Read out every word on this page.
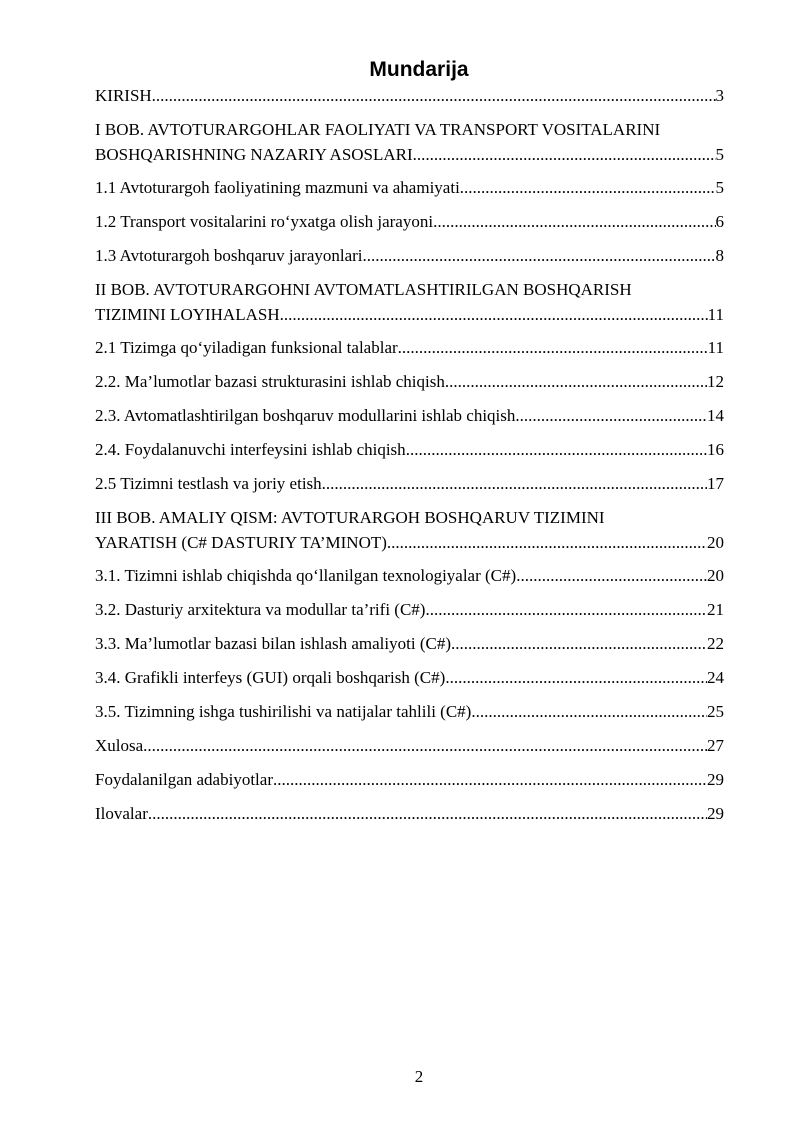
Mundarija
KIRISH .....	3
I BOB. AVTOTURARGOHLAR FAOLIYATI VA TRANSPORT VOSITALARINI
BOSHQARISHNING NAZARIY ASOSLARI .....	5
1.1 Avtoturargoh faoliyatining mazmuni va ahamiyati .....	5
1.2 Transport vositalarini ro‘yxatga olish jarayoni .....	6
1.3 Avtoturargoh boshqaruv jarayonlari .....	8
II BOB. AVTOTURARGOHNI AVTOMATLASHTIRILGAN BOSHQARISH
TIZIMINI LOYIHALASH .....	11
2.1 Tizimga qo‘yiladigan funksional talablar .....	11
2.2. Ma’lumotlar bazasi strukturasini ishlab chiqish .....	12
2.3. Avtomatlashtirilgan boshqaruv modullarini ishlab chiqish .....	14
2.4. Foydalanuvchi interfeysini ishlab chiqish .....	16
2.5 Tizimni testlash va joriy etish .....	17
III BOB. AMALIY QISM: AVTOTURARGOH BOSHQARUV TIZIMINI
YARATISH (C# DASTURIY TA’MINOT) .....	20
3.1. Tizimni ishlab chiqishda qo‘llanilgan texnologiyalar (C#) .....	20
3.2. Dasturiy arxitektura va modullar ta’rifi (C#) .....	21
3.3. Ma’lumotlar bazasi bilan ishlash amaliyoti (C#) .....	22
3.4. Grafikli interfeys (GUI) orqali boshqarish (C#) .....	24
3.5. Tizimning ishga tushirilishi va natijalar tahlili (C#) .....	25
Xulosa .....	27
Foydalanilgan adabiyotlar .....	29
Ilovalar .....	29
2
